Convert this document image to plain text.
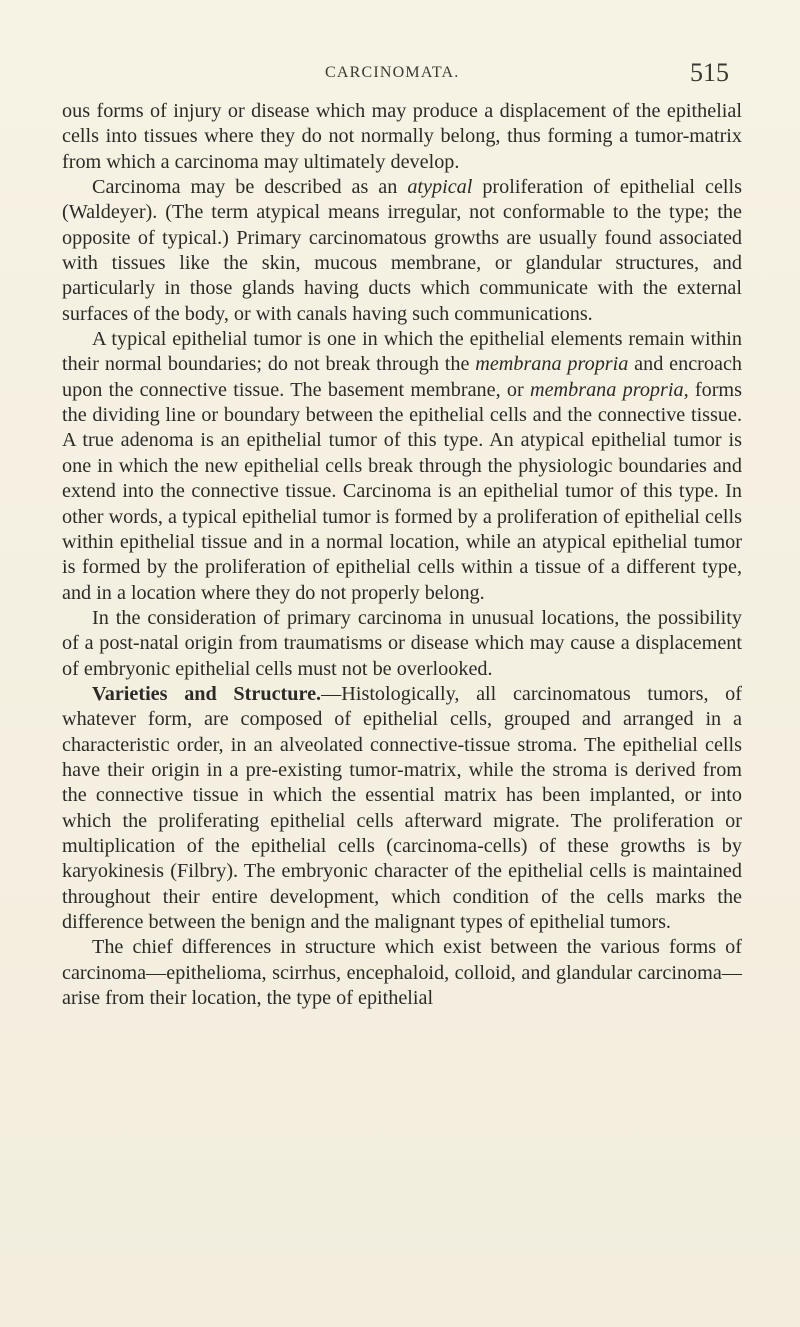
CARCINOMATA.	515

ous forms of injury or disease which may produce a displacement of the epithelial cells into tissues where they do not normally belong, thus forming a tumor-matrix from which a carcinoma may ultimately develop.

Carcinoma may be described as an atypical proliferation of epithelial cells (Waldeyer). (The term atypical means irregular, not conformable to the type; the opposite of typical.) Primary carcinomatous growths are usually found associated with tissues like the skin, mucous membrane, or glandular structures, and particularly in those glands having ducts which communicate with the external surfaces of the body, or with canals having such communications.

A typical epithelial tumor is one in which the epithelial elements remain within their normal boundaries; do not break through the membrana propria and encroach upon the connective tissue. The basement membrane, or membrana propria, forms the dividing line or boundary between the epithelial cells and the connective tissue. A true adenoma is an epithelial tumor of this type. An atypical epithelial tumor is one in which the new epithelial cells break through the physiologic boundaries and extend into the connective tissue. Carcinoma is an epithelial tumor of this type. In other words, a typical epithelial tumor is formed by a proliferation of epithelial cells within epithelial tissue and in a normal location, while an atypical epithelial tumor is formed by the proliferation of epithelial cells within a tissue of a different type, and in a location where they do not properly belong.

In the consideration of primary carcinoma in unusual locations, the possibility of a post-natal origin from traumatisms or disease which may cause a displacement of embryonic epithelial cells must not be overlooked.

Varieties and Structure.—Histologically, all carcinomatous tumors, of whatever form, are composed of epithelial cells, grouped and arranged in a characteristic order, in an alveolated connective-tissue stroma. The epithelial cells have their origin in a pre-existing tumor-matrix, while the stroma is derived from the connective tissue in which the essential matrix has been implanted, or into which the proliferating epithelial cells afterward migrate. The proliferation or multiplication of the epithelial cells (carcinoma-cells) of these growths is by karyokinesis (Filbry). The embryonic character of the epithelial cells is maintained throughout their entire development, which condition of the cells marks the difference between the benign and the malignant types of epithelial tumors.

The chief differences in structure which exist between the various forms of carcinoma—epithelioma, scirrhus, encephaloid, colloid, and glandular carcinoma—arise from their location, the type of epithelial
